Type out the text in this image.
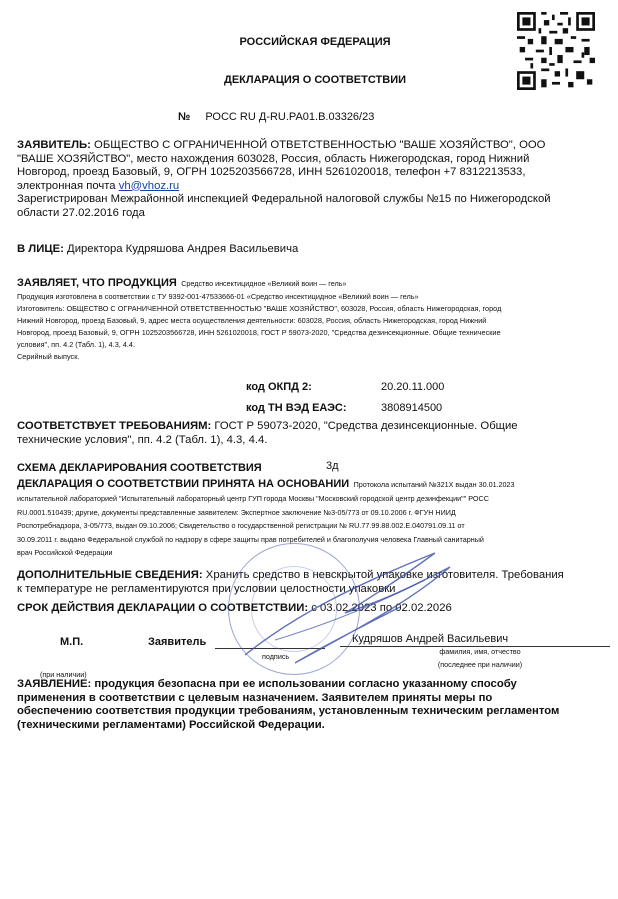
РОССИЙСКАЯ ФЕДЕРАЦИЯ
ДЕКЛАРАЦИЯ О СООТВЕТСТВИИ
№ РОСС RU Д-RU.PA01.B.03326/23
ЗАЯВИТЕЛЬ: ОБЩЕСТВО С ОГРАНИЧЕННОЙ ОТВЕТСТВЕННОСТЬЮ "ВАШЕ ХОЗЯЙСТВО", ООО
"ВАШЕ ХОЗЯЙСТВО", место нахождения 603028, Россия, область Нижегородская, город Нижний
Новгород, проезд Базовый, 9, ОГРН 1025203566728, ИНН 5261020018, телефон +7 8312213533,
электронная почта vh@vhoz.ru
Зарегистрирован Межрайонной инспекцией Федеральной налоговой службы №15 по Нижегородской
области 27.02.2016 года
В ЛИЦЕ: Директора Кудряшова Андрея Васильевича
ЗАЯВЛЯЕТ, ЧТО ПРОДУКЦИЯ Средство инсектицидное «Великий воин — гель»
Продукция изготовлена в соответствии с ТУ 9392-001-47533666-01 «Средство инсектицидное «Великий воин — гель»
Изготовитель: ОБЩЕСТВО С ОГРАНИЧЕННОЙ ОТВЕТСТВЕННОСТЬЮ "ВАШЕ ХОЗЯЙСТВО", 603028, Россия, область Нижегородская, город
Нижний Новгород, проезд Базовый, 9, адрес места осуществления деятельности: 603028, Россия, область Нижегородская, город Нижний
Новгород, проезд Базовый, 9, ОГРН 1025203566728, ИНН 5261020018, ГОСТ Р 59073-2020, "Средства дезинсекционные. Общие технические
условия", пп. 4.2 (Табл. 1), 4.3, 4.4.
Серийный выпуск.
код ОКПД 2:	20.20.11.000
код ТН ВЭД ЕАЭС:	3808914500
СООТВЕТСТВУЕТ ТРЕБОВАНИЯМ: ГОСТ Р 59073-2020, "Средства дезинсекционные. Общие
технические условия", пп. 4.2 (Табл. 1), 4.3, 4.4.
СХЕМА ДЕКЛАРИРОВАНИЯ СООТВЕТСТВИЯ	3д
ДЕКЛАРАЦИЯ О СООТВЕТСТВИИ ПРИНЯТА НА ОСНОВАНИИ Протокола испытаний №321Х выдан 30.01.2023
испытательной лабораторией "Испытательный лабораторный центр ГУП города Москвы "Московский городской центр дезинфекции"" РОСС
RU.0001.510439; другие, документы представленные заявителем: Экспертное заключение №3-05/773 от 09.10.2006 г. ФГУН НИИД
Роспотребнадзора, 3-05/773, выдан 09.10.2006; Свидетельство о государственной регистрации № RU.77.99.88.002.Е.040791.09.11 от
30.09.2011 г. выдано Федеральной службой по надзору в сфере защиты прав потребителей и благополучия человека Главный санитарный
врач Российской Федерации
ДОПОЛНИТЕЛЬНЫЕ СВЕДЕНИЯ: Хранить средство в невскрытой упаковке изготовителя. Требования
к температуре не регламентируются при условии целостности упаковки
СРОК ДЕЙСТВИЯ ДЕКЛАРАЦИИ О СООТВЕТСТВИИ: с 03.02.2023 по 02.02.2026
М.П.	Заявитель	Кудряшов Андрей Васильевич
подпись
фамилия, имя, отчество
(последнее при наличии)
(при наличии)
ЗАЯВЛЕНИЕ: продукция безопасна при ее использовании согласно указанному способу
применения в соответствии с целевым назначением. Заявителем приняты меры по
обеспечению соответствия продукции требованиям, установленным техническим регламентом
(техническими регламентами) Российской Федерации.
